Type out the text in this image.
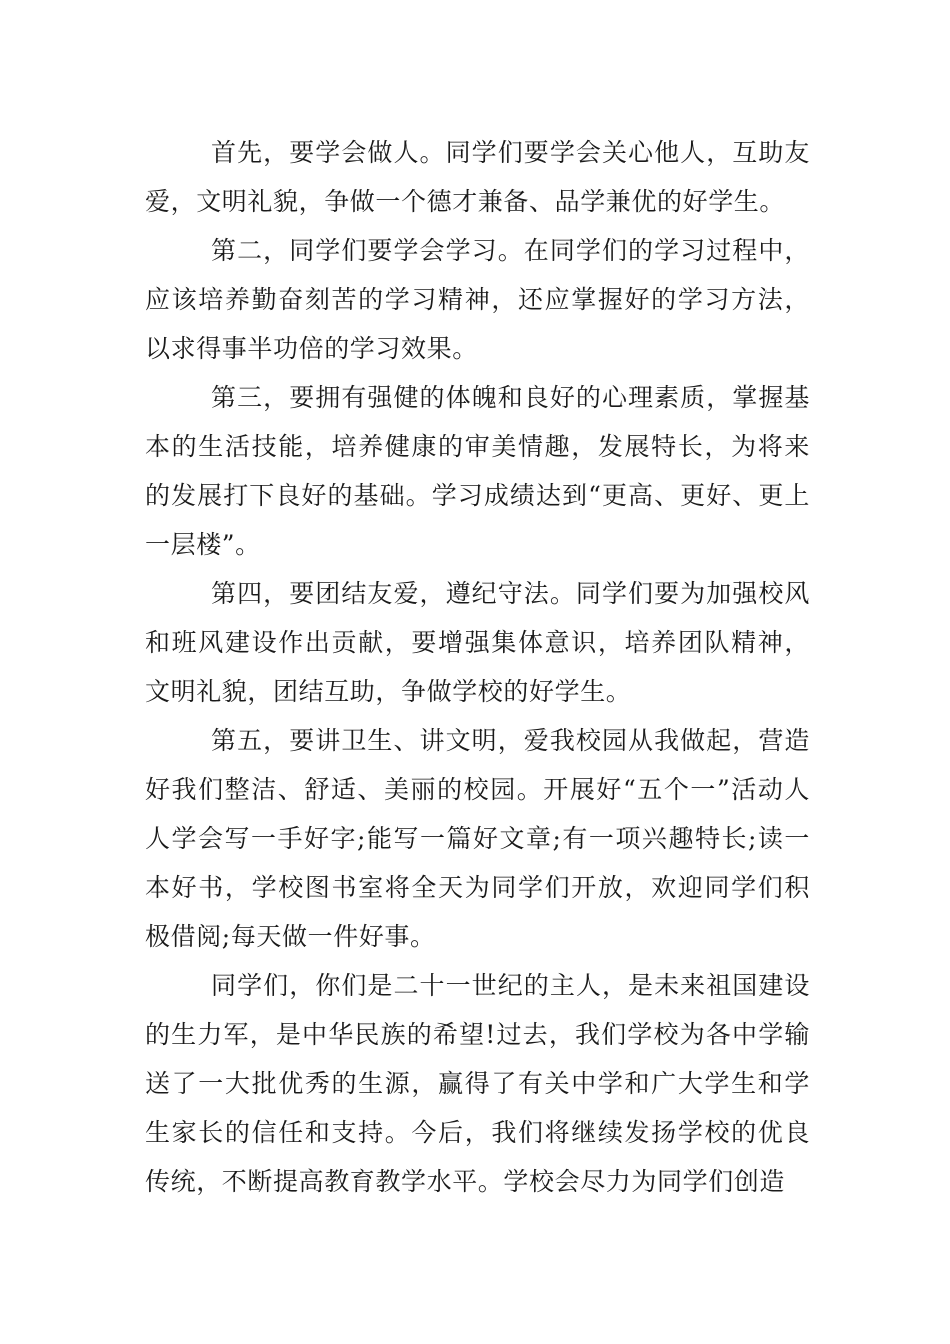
首先，要学会做人。同学们要学会关心他人，互助友爱，文明礼貌，争做一个德才兼备、品学兼优的好学生。

第二，同学们要学会学习。在同学们的学习过程中，应该培养勤奋刻苦的学习精神，还应掌握好的学习方法，以求得事半功倍的学习效果。

第三，要拥有强健的体魄和良好的心理素质，掌握基本的生活技能，培养健康的审美情趣，发展特长，为将来的发展打下良好的基础。学习成绩达到“更高、更好、更上一层楼”。

第四，要团结友爱，遵纪守法。同学们要为加强校风和班风建设作出贡献，要增强集体意识，培养团队精神，文明礼貌，团结互助，争做学校的好学生。

第五，要讲卫生、讲文明，爱我校园从我做起，营造好我们整洁、舒适、美丽的校园。开展好“五个一”活动人人学会写一手好字;能写一篇好文章;有一项兴趣特长;读一本好书，学校图书室将全天为同学们开放，欢迎同学们积极借阅;每天做一件好事。

同学们，你们是二十一世纪的主人，是未来祖国建设的生力军，是中华民族的希望!过去，我们学校为各中学输送了一大批优秀的生源，赢得了有关中学和广大学生和学生家长的信任和支持。今后，我们将继续发扬学校的优良传统，不断提高教育教学水平。学校会尽力为同学们创造
